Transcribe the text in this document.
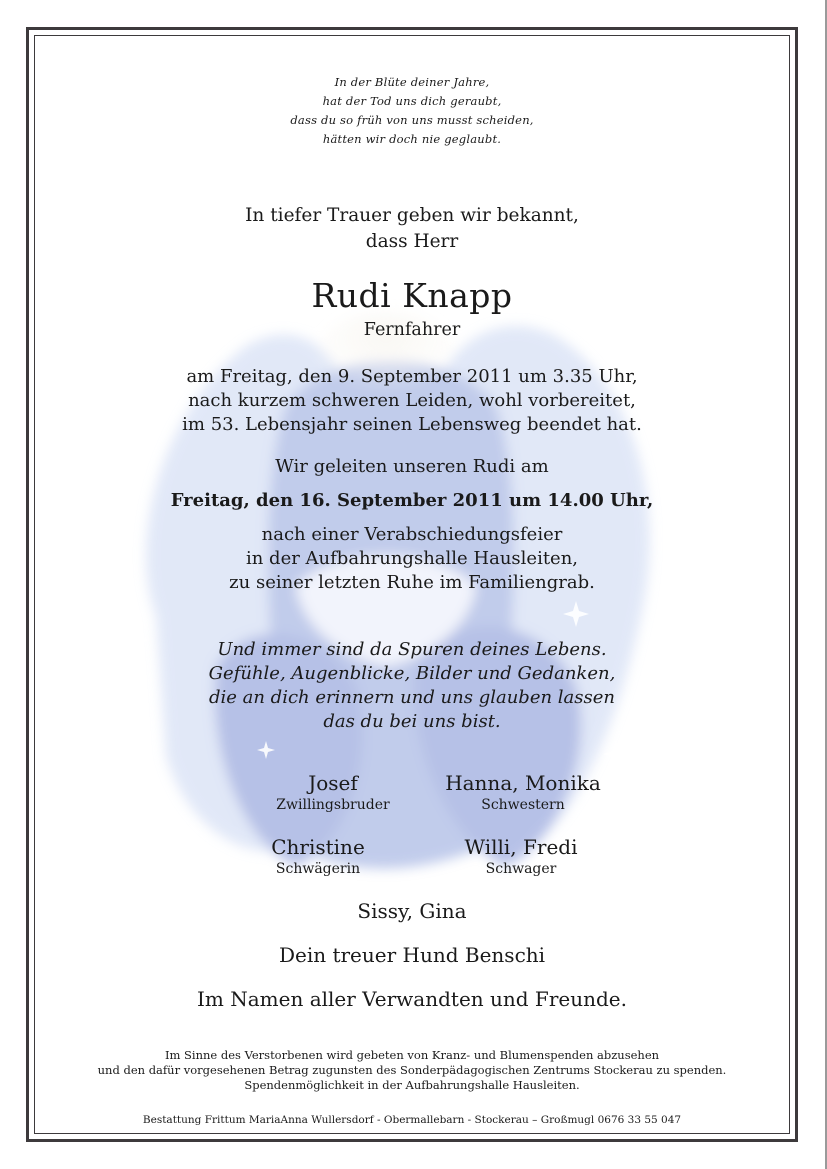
In der Blüte deiner Jahre,
hat der Tod uns dich geraubt,
dass du so früh von uns musst scheiden,
hätten wir doch nie geglaubt.
In tiefer Trauer geben wir bekannt,
dass Herr
Rudi Knapp
Fernfahrer
am Freitag, den 9. September 2011 um 3.35 Uhr,
nach kurzem schweren Leiden, wohl vorbereitet,
im 53. Lebensjahr seinen Lebensweg beendet hat.
Wir geleiten unseren Rudi am
Freitag, den 16. September 2011 um 14.00 Uhr,
nach einer Verabschiedungsfeier
in der Aufbahrungshalle Hausleiten,
zu seiner letzten Ruhe im Familiengrab.
Und immer sind da Spuren deines Lebens.
Gefühle, Augenblicke, Bilder und Gedanken,
die an dich erinnern und uns glauben lassen
das du bei uns bist.
Josef
Zwillingsbruder
Hanna, Monika
Schwestern
Christine
Schwägerin
Willi, Fredi
Schwager
Sissy, Gina
Dein treuer Hund Benschi
Im Namen aller Verwandten und Freunde.
Im Sinne des Verstorbenen wird gebeten von Kranz- und Blumenspenden abzusehen
und den dafür vorgesehenen Betrag zugunsten des Sonderpädagogischen Zentrums Stockerau zu spenden.
Spendenmöglichkeit in der Aufbahrungshalle Hausleiten.
Bestattung Frittum MariaAnna Wullersdorf - Obermallebarn - Stockerau – Großmugl 0676 33 55 047
